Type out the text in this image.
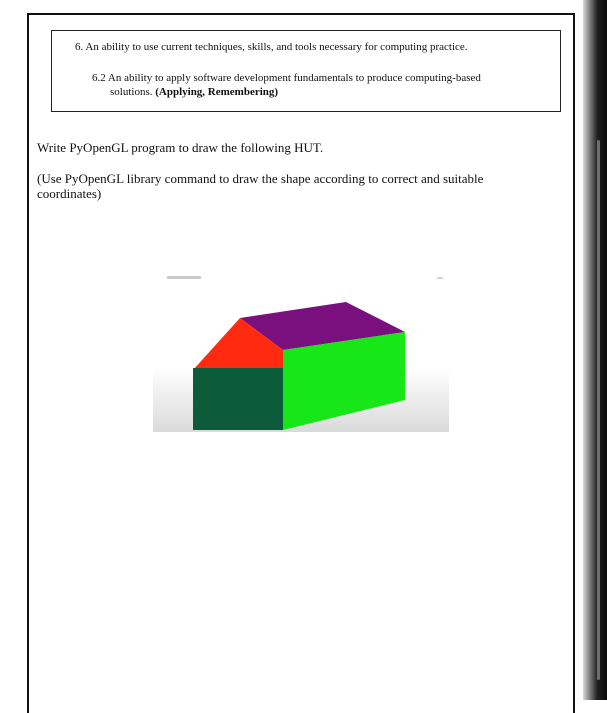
6. An ability to use current techniques, skills, and tools necessary for computing practice.
6.2 An ability to apply software development fundamentals to produce computing-based
solutions. (Applying, Remembering)
Write PyOpenGL program to draw the following HUT.
(Use PyOpenGL library command to draw the shape according to correct and suitable
coordinates)
